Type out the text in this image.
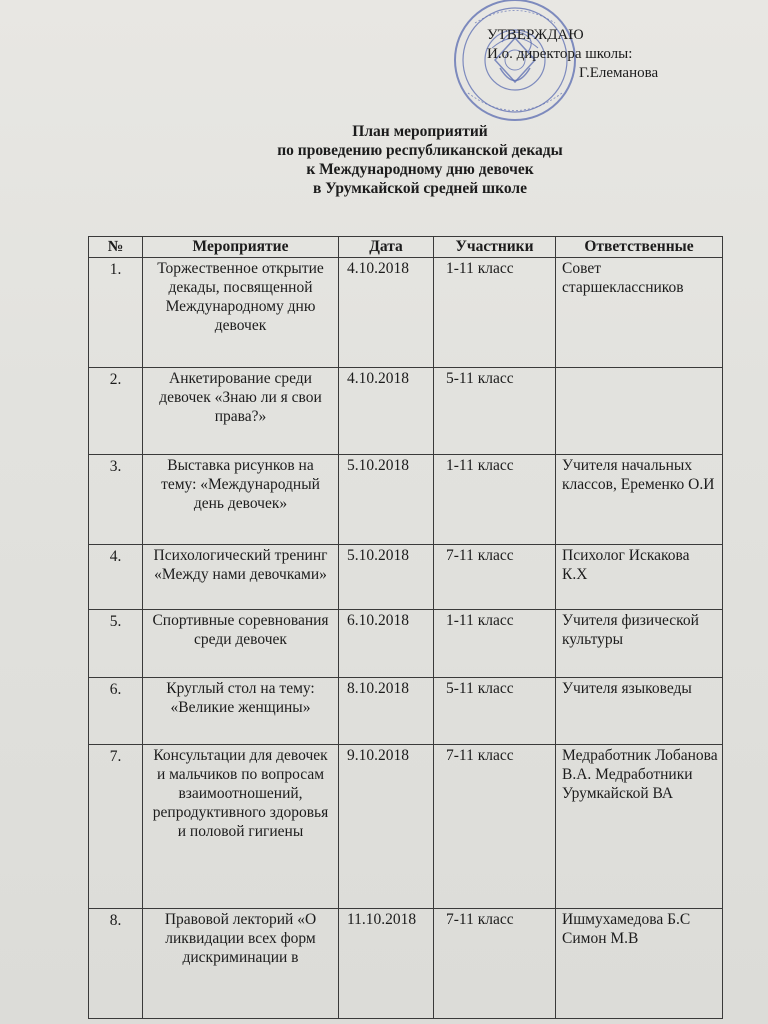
УТВЕРЖДАЮ
И.о. директора школы:
Г.Елеманова
План мероприятий
по проведению республиканской декады
к Международному дню девочек
в Урумкайской средней школе
№	Мероприятие	Дата	Участники	Ответственные
1.	Торжественное открытие декады, посвященной Международному дню девочек	4.10.2018	1-11 класс	Совет старшеклассников
2.	Анкетирование среди девочек «Знаю ли я свои права?»	4.10.2018	5-11 класс	
3.	Выставка рисунков на тему: «Международный день девочек»	5.10.2018	1-11 класс	Учителя начальных классов, Еременко О.И
4.	Психологический тренинг «Между нами девочками»	5.10.2018	7-11 класс	Психолог Искакова К.Х
5.	Спортивные соревнования среди девочек	6.10.2018	1-11 класс	Учителя физической культуры
6.	Круглый стол на тему: «Великие женщины»	8.10.2018	5-11 класс	Учителя языковеды
7.	Консультации для девочек и мальчиков по вопросам взаимоотношений, репродуктивного здоровья и половой гигиены	9.10.2018	7-11 класс	Медработник Лобанова В.А. Медработники Урумкайской ВА
8.	Правовой лекторий «О ликвидации всех форм дискриминации в	11.10.2018	7-11 класс	Ишмухамедова Б.С Симон М.В
